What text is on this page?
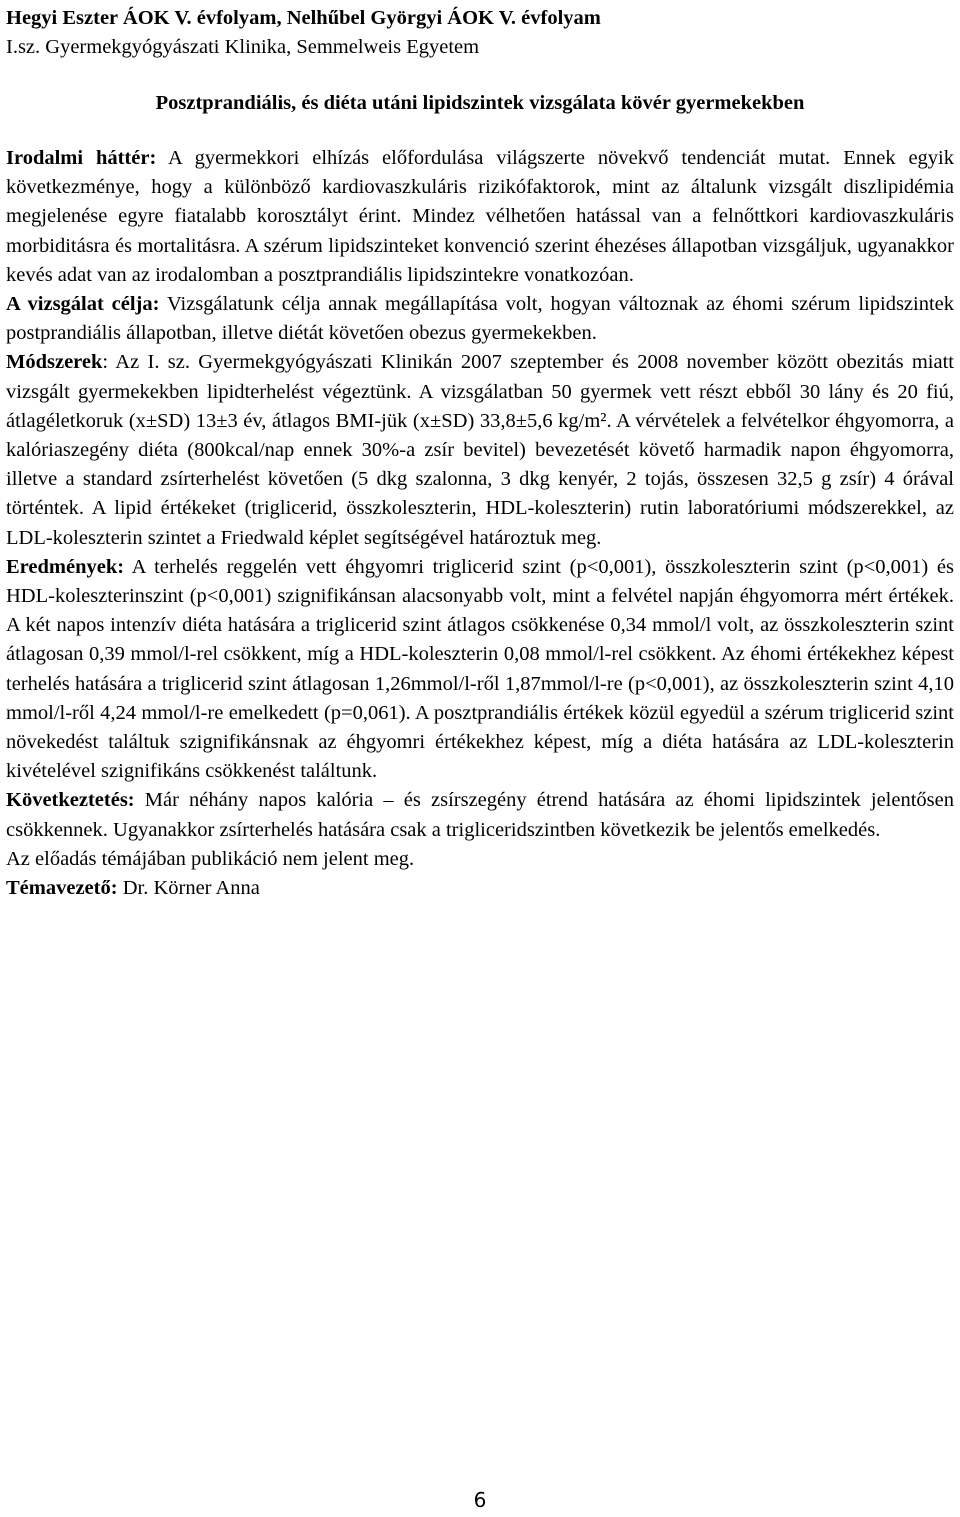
Hegyi Eszter ÁOK V. évfolyam, Nelhűbel Györgyi ÁOK V. évfolyam
I.sz. Gyermekgyógyászati Klinika, Semmelweis Egyetem
Posztprandiális, és diéta utáni lipidszintek vizsgálata kövér gyermekekben

Irodalmi háttér: A gyermekkori elhízás előfordulása világszerte növekvő tendenciát mutat. Ennek egyik következménye, hogy a különböző kardiovaszkuláris rizikófaktorok, mint az általunk vizsgált diszlipidémia megjelenése egyre fiatalabb korosztályt érint. Mindez vélhetően hatással van a felnőttkori kardiovaszkuláris morbiditásra és mortalitásra. A szérum lipidszinteket konvenció szerint éhezéses állapotban vizsgáljuk, ugyanakkor kevés adat van az irodalomban a posztprandiális lipidszintekre vonatkozóan.

A vizsgálat célja: Vizsgálatunk célja annak megállapítása volt, hogyan változnak az éhomi szérum lipidszintek postprandiális állapotban, illetve diétát követően obezus gyermekekben.

Módszerek: Az I. sz. Gyermekgyógyászati Klinikán 2007 szeptember és 2008 november között obezitás miatt vizsgált gyermekekben lipidterhelést végeztünk. A vizsgálatban 50 gyermek vett részt ebből 30 lány és 20 fiú, átlagéletkoruk (x±SD) 13±3 év, átlagos BMI-jük (x±SD) 33,8±5,6 kg/m². A vérvételek a felvételkor éhgyomorra, a kalóriaszegény diéta (800kcal/nap ennek 30%-a zsír bevitel) bevezetését követő harmadik napon éhgyomorra, illetve a standard zsírterhelést követően (5 dkg szalonna, 3 dkg kenyér, 2 tojás, összesen 32,5 g zsír) 4 órával történtek. A lipid értékeket (triglicerid, összkoleszterin, HDL-koleszterin) rutin laboratóriumi módszerekkel, az LDL-koleszterin szintet a Friedwald képlet segítségével határoztuk meg.

Eredmények: A terhelés reggelén vett éhgyomri triglicerid szint (p<0,001), összkoleszterin szint (p<0,001) és HDL-koleszterinszint (p<0,001) szignifikánsan alacsonyabb volt, mint a felvétel napján éhgyomorra mért értékek. A két napos intenzív diéta hatására a triglicerid szint átlagos csökkenése 0,34 mmol/l volt, az összkoleszterin szint átlagosan 0,39 mmol/l-rel csökkent, míg a HDL-koleszterin 0,08 mmol/l-rel csökkent. Az éhomi értékekhez képest terhelés hatására a triglicerid szint átlagosan 1,26mmol/l-ről 1,87mmol/l-re (p<0,001), az összkoleszterin szint 4,10 mmol/l-ről 4,24 mmol/l-re emelkedett (p=0,061). A posztprandiális értékek közül egyedül a szérum triglicerid szint növekedést találtuk szignifikánsnak az éhgyomri értékekhez képest, míg a diéta hatására az LDL-koleszterin kivételével szignifikáns csökkenést találtunk.

Következtetés: Már néhány napos kalória – és zsírszegény étrend hatására az éhomi lipidszintek jelentősen csökkennek. Ugyanakkor zsírterhelés hatására csak a trigliceridszintben következik be jelentős emelkedés.

Az előadás témájában publikáció nem jelent meg.

Témavezető: Dr. Körner Anna

6
